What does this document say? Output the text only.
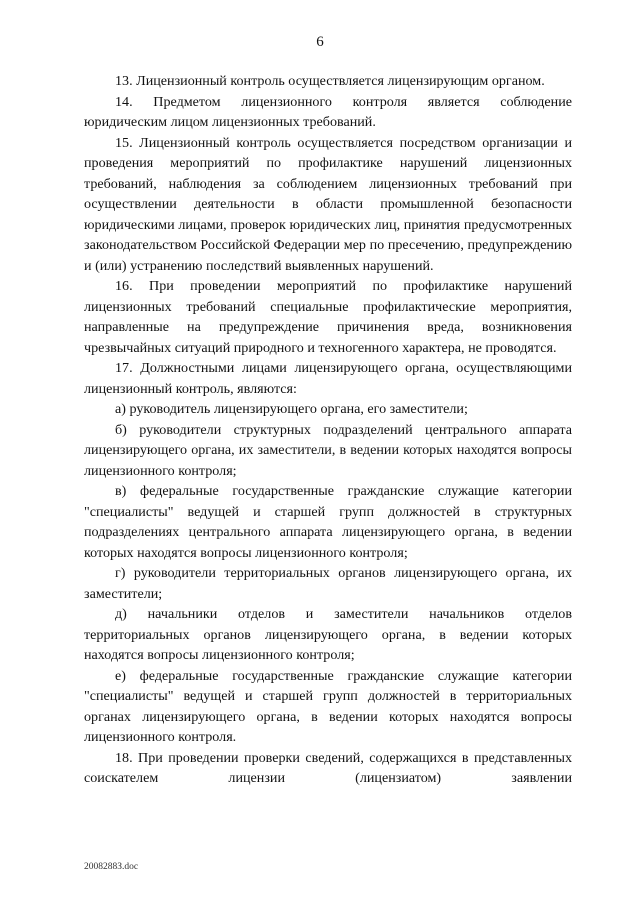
6

13. Лицензионный контроль осуществляется лицензирующим органом.

14. Предметом лицензионного контроля является соблюдение юридическим лицом лицензионных требований.

15. Лицензионный контроль осуществляется посредством организации и проведения мероприятий по профилактике нарушений лицензионных требований, наблюдения за соблюдением лицензионных требований при осуществлении деятельности в области промышленной безопасности юридическими лицами, проверок юридических лиц, принятия предусмотренных законодательством Российской Федерации мер по пресечению, предупреждению и (или) устранению последствий выявленных нарушений.

16. При проведении мероприятий по профилактике нарушений лицензионных требований специальные профилактические мероприятия, направленные на предупреждение причинения вреда, возникновения чрезвычайных ситуаций природного и техногенного характера, не проводятся.

17. Должностными лицами лицензирующего органа, осуществляющими лицензионный контроль, являются:

а) руководитель лицензирующего органа, его заместители;

б) руководители структурных подразделений центрального аппарата лицензирующего органа, их заместители, в ведении которых находятся вопросы лицензионного контроля;

в) федеральные государственные гражданские служащие категории "специалисты" ведущей и старшей групп должностей в структурных подразделениях центрального аппарата лицензирующего органа, в ведении которых находятся вопросы лицензионного контроля;

г) руководители территориальных органов лицензирующего органа, их заместители;

д) начальники отделов и заместители начальников отделов территориальных органов лицензирующего органа, в ведении которых находятся вопросы лицензионного контроля;

е) федеральные государственные гражданские служащие категории "специалисты" ведущей и старшей групп должностей в территориальных органах лицензирующего органа, в ведении которых находятся вопросы лицензионного контроля.

18. При проведении проверки сведений, содержащихся в представленных соискателем лицензии (лицензиатом) заявлении

2008288З.doc
